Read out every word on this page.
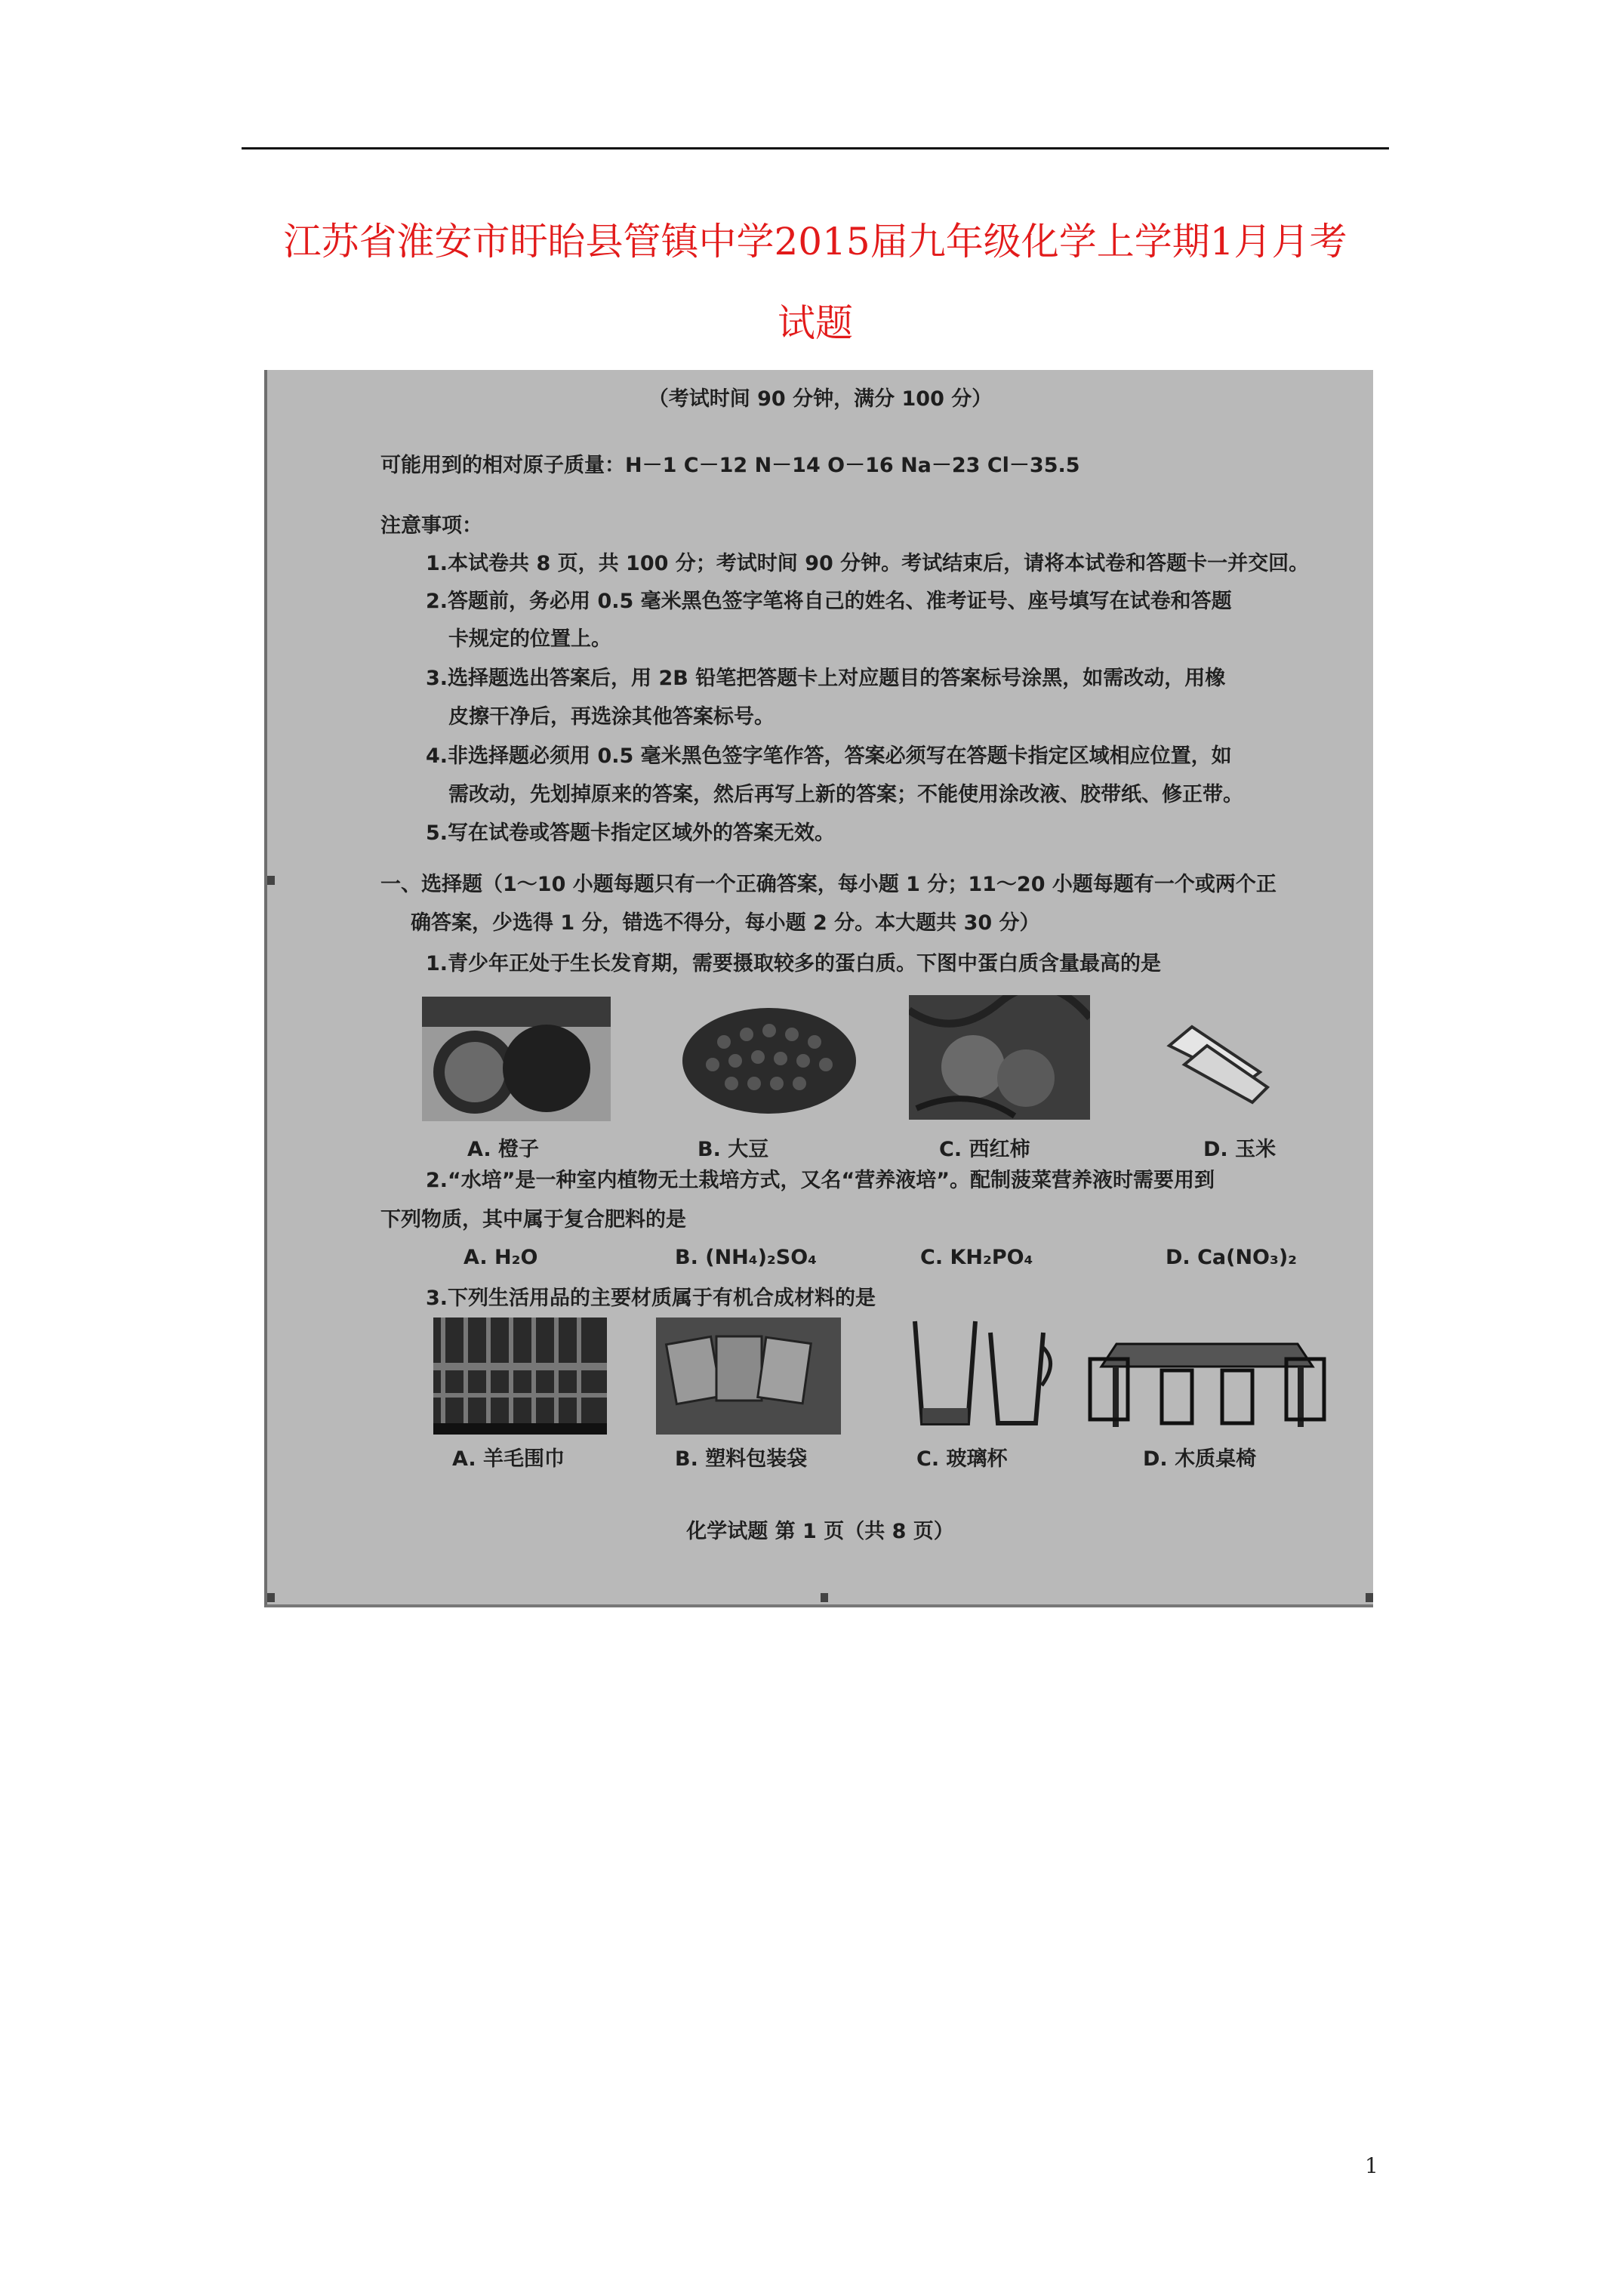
江苏省淮安市盱眙县管镇中学2015届九年级化学上学期1月月考
试题
（考试时间 90 分钟，满分 100 分）
可能用到的相对原子质量：H－1 C－12 N－14 O－16 Na－23 Cl－35.5
注意事项：
1.本试卷共 8 页，共 100 分；考试时间 90 分钟。考试结束后，请将本试卷和答题卡一并交回。
2.答题前，务必用 0.5 毫米黑色签字笔将自己的姓名、准考证号、座号填写在试卷和答题
卡规定的位置上。
3.选择题选出答案后，用 2B 铅笔把答题卡上对应题目的答案标号涂黑，如需改动，用橡
皮擦干净后，再选涂其他答案标号。
4.非选择题必须用 0.5 毫米黑色签字笔作答，答案必须写在答题卡指定区域相应位置，如
需改动，先划掉原来的答案，然后再写上新的答案；不能使用涂改液、胶带纸、修正带。
5.写在试卷或答题卡指定区域外的答案无效。
一、选择题（1～10 小题每题只有一个正确答案，每小题 1 分；11～20 小题每题有一个或两个正
确答案，少选得 1 分，错选不得分，每小题 2 分。本大题共 30 分）
1.青少年正处于生长发育期，需要摄取较多的蛋白质。下图中蛋白质含量最高的是
A. 橙子	B. 大豆	C. 西红柿	D. 玉米
2.“水培”是一种室内植物无土栽培方式，又名“营养液培”。配制菠菜营养液时需要用到
下列物质，其中属于复合肥料的是
A. H₂O	B. (NH₄)₂SO₄	C. KH₂PO₄	D. Ca(NO₃)₂
3.下列生活用品的主要材质属于有机合成材料的是
A. 羊毛围巾	B. 塑料包装袋	C. 玻璃杯	D. 木质桌椅
化学试题 第 1 页（共 8 页）
1
